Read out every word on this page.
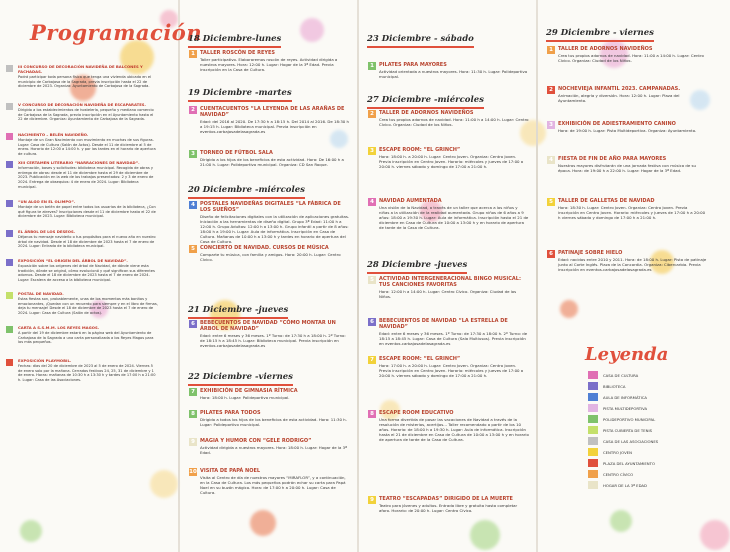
Programación
III CONCURSO DE DECORACIÓN NAVIDEÑA DE BALCONES Y FACHADAS.
Podrá participar toda persona física que tenga una vivienda ubicada en el municipio de Carbajosa de la Sagrada, previa inscripción hasta el 22 de diciembre de 2023. Organiza: Ayuntamiento de Carbajosa de la Sagrada.
V CONCURSO DE DECORACIÓN NAVIDEÑA DE ESCAPARATES.
Dirigido a los establecimientos de hostelería, pequeño y mediano comercio de Carbajosa de la Sagrada, previa inscripción en el Ayuntamiento hasta el 22 de diciembre. Organiza: Ayuntamiento de Carbajosa de la Sagrada.
NACIMIENTO – BELÉN NAVIDEÑO.
Montaje de un Gran Nacimiento con movimiento en muchas de sus figuras. Lugar: Casa de Cultura (Salón de Actos). Desde el 11 de diciembre al 5 de enero. Horario de 12:00 a 14:00 h. y por las tardes en el horario de apertura de cultura.
XIII CERTAMEN LITERARIO “NARRACIONES DE NAVIDAD”.
Información, bases y solicitudes: biblioteca municipal. Recogida de obras y entrega de obras: desde el 11 de diciembre hasta el 29 de diciembre de 2023. Publicación en la web de los trabajos presentados: 2 y 3 de enero de 2024. Entrega de obsequios: 4 de enero de 2024. Lugar: Biblioteca municipal.
“UN ALGO EN EL OLIMPO”.
Montaje de un belén de papel entre todos los usuarios de la biblioteca, ¿Con qué figura te atreves? Inscripciones desde el 11 de diciembre hasta el 22 de diciembre de 2023. Lugar: Biblioteca municipal.
EL ÁRBOL DE LOS DESEOS.
Déjanos tu mensaje navideño o tus propósitos para el nuevo año en nuestro árbol de navidad. Desde el 18 de diciembre de 2023 hasta el 7 de enero de 2024. Lugar: Entrada de la biblioteca municipal.
EXPOSICIÓN “EL ORIGEN DEL ÁRBOL DE NAVIDAD”.
Exposición sobre los orígenes del árbol de Navidad, de dónde viene esta tradición, dónde se originó, cómo evolucionó y qué significan sus diferentes adornos. Desde el 18 de diciembre de 2023 hasta el 7 de enero de 2024. Lugar: Escalera de acceso a la biblioteca municipal.
POSTAL DE NAVIDAD.
Estas fiestas son, probablemente, unas de los momentos más bonitos y emocionantes, ¡Quedan con un recuerdo para siempre y en el libro de firmas, deja tu mensaje! Desde el 18 de diciembre de 2023 hasta el 7 de enero de 2024. Lugar: Casa de Cultura (Salón de actos).
CARTA A S.S.M.M. LOS REYES MAGOS.
A partir del 19 de diciembre estará en la página web del Ayuntamiento de Carbajosa de la Sagrada a una carta personalizada a los Reyes Magos para los más pequeños.
EXPOSICIÓN PLAYMOBIL.
Fechas: días del 20 de diciembre de 2023 al 5 de enero de 2024. Viernes 5 de enero solo por la mañana. Cerrados festivos 24, 25, 31 de diciembre y 1 de enero. Horas: mañanas de 10:30 h a 13:30 h y tardes de 17:00 h a 21:00 h. Lugar: Casa de las Asociaciones.
18 Diciembre-lunes
1	TALLER ROSCÓN DE REYES
Taller participativo. Elaboraremos roscón de reyes. Actividad dirigida a nuestros mayores. Hora: 12:00 h. Lugar: Hogar de la 3ª Edad. Previa inscripción en la Casa de Cultura.
19 Diciembre -martes
2	CUENTACUENTOS “LA LEYENDA DE LAS ARAÑAS DE NAVIDAD”
Edad: del 2016 al 2020. De 17:30 h a 18:15 h. Del 2014 al 2016. De 18:30 h a 19:15 h. Lugar: Biblioteca municipal. Previa inscripción en eventos.carbajosadelasagrada.es
3	TORNEO DE FÚTBOL SALA
Dirigido a los hijos de los beneficios de esta actividad. Hora: De 16:00 h a 21:00 h. Lugar: Polideportivo municipal. Organiza: CD San Roque.
20 Diciembre -miércoles
4	POSTALES NAVIDEÑAS DIGITALES “LA FÁBRICA DE LOS SUEÑOS”
Diseño de felicitaciones digitales con la utilización de aplicaciones gratuitas. Iniciación a las herramientas de diseño digital. Grupo 3ª Edad: 11:00 h a 12:00 h. Grupo Adultos: 12:00 h a 13:00 h. Grupo infantil a partir de 8 años: 18:00 h a 19:00 h. Lugar: Aula de informática. Inscripción en Casa de Cultura. Mañanas de 10:00 h a 13:00 h y tardes en horario de apertura del Casa de Cultura.
5	CONCIERTO DE NAVIDAD. CURSOS DE MÚSICA
Comparte tu música, con familia y amigos. Hora: 20:00 h. Lugar: Centro Cívico.
21 Diciembre -jueves
6	BEBECUENTOS DE NAVIDAD “CÓMO MONTAR UN ÁRBOL DE NAVIDAD”
Edad: entre 6 meses y 36 meses. 1º Turno: de 17:30 h a 18:00 h. 2º Turno: de 18:15 h a 18:45 h. Lugar: Biblioteca municipal. Previa inscripción en eventos.carbajosadelasagrada.es
22 Diciembre -viernes
7	EXHIBICIÓN DE GIMNASIA RÍTMICA
Hora: 18:00 h. Lugar: Polideportivo municipal.
8	PILATES PARA TODOS
Dirigido a todos los hijos de los beneficios de esta actividad. Hora: 11:30 h. Lugar: Polideportivo municipal.
9	MAGIA Y HUMOR CON “GELE RODRIGO”
Actividad dirigida a nuestros mayores. Hora: 18:00 h. Lugar: Hogar de la 3ª Edad.
10 VISITA DE PAPÁ NOEL
Visita al Centro de día de nuestros mayores “MIRAFLOR”, y a continuación, en la Casa de Cultura. Los más pequeños podrán echar su carta para Papá Noel en su buzón mágico. Hora: de 17:00 h a 20:00 h. Lugar: Casa de Cultura.
23 Diciembre - sábado
1	PILATES PARA MAYORES
Actividad orientada a nuestros mayores. Hora: 11:30 h. Lugar: Polideportivo municipal.
27 Diciembre -miércoles
2	TALLER DE ADORNOS NAVIDEÑOS
Crea tus propios adornos de navidad. Hora: 11:00 h a 14:00 h. Lugar: Centro Cívico. Organiza: Ciudad de los Niños.
3	ESCAPE ROOM: “EL GRINCH”
Hora: 18:00 h. a 20:00 h. Lugar: Centro Joven. Organiza: Centro Joven. Previa inscripción en Centro Joven. Horario: miércoles y jueves de 17:00 a 20:00 h. viernes sábado y domingo de 17:00 a 21:00 h.
4	NAVIDAD AUMENTADA
Una visión de la Navidad, a través de un taller que acerca a los niños y niñas a la utilización de la realidad aumentada. Grupo niños de 6 años a 9 años: 18:00 a 19:30 h. Lugar: Aula de informática. Inscripción hasta el 21 de diciembre en Casa de Cultura de 10:00 a 13:00 h y en horario de apertura de tarde de la Casa de Cultura.
28 Diciembre -jueves
5	ACTIVIDAD INTERGENERACIONAL BINGO MUSICAL: TUS CANCIONES FAVORITAS
Hora: 12:00 h a 14:00 h. Lugar: Centro Cívico. Organiza: Ciudad de los Niños.
6	BEBECUENTOS DE NAVIDAD “LA ESTRELLA DE NAVIDAD”
Edad: entre 6 meses y 36 meses. 1º Turno: de 17:30 a 18:00 h. 2º Turno: de 18:15 a 18:45 h. Lugar: Casa de Cultura (Sala Multiusos). Previa inscripción en eventos.carbajosadelasagrada.es
7	ESCAPE ROOM: “EL GRINCH”
Hora: 17:00 h. a 20:00 h. Lugar: Centro Joven. Organiza: Centro Joven. Previa inscripción en Centro Joven. Horario: miércoles y jueves de 17:00 a 20:00 h. viernes sábado y domingo de 17:00 a 21:00 h.
8	ESCAPE ROOM EDUCATIVO
Una forma divertida de pasar las vacaciones de Navidad a través de la resolución de misterios, acertijos... Taller recomendado a partir de los 10 años. Horario: de 18:00 h a 19:30 h. Lugar: Aula de informática. Inscripción hasta el 21 de diciembre en Casa de Cultura de 10:00 a 13:00 h y en horario de apertura de tarde de la Casa de Cultura.
9	TEATRO “ESCAPADAS” DIRIGIDO DE LA MUERTE
Teatro para jóvenes y adultos. Entrada libre y gratuita hasta completar aforo. Horario: de 20:00 h. Lugar: Centro Cívico.
29 Diciembre - viernes
1	TALLER DE ADORNOS NAVIDEÑOS
Crea tus propios adornos de navidad. Hora: 11:00 a 14:00 h. Lugar: Centro Cívico. Organiza: Ciudad de los Niños.
2	NOCHEVIEJA INFANTIL 2023. CAMPANADAS.
Animación, alegría y diversión. Hora: 12:00 h. Lugar: Plaza del Ayuntamiento.
3	EXHIBICIÓN DE ADIESTRAMIENTO CANINO
Hora: de 19:00 h. Lugar: Pista Multideportiva. Organiza: Ayuntamiento.
4	FIESTA DE FIN DE AÑO PARA MAYORES
Nuestros mayores disfrutarán de una jornada festiva con música de su época. Hora: de 19:00 h a 22:00 h. Lugar: Hogar de la 3ª Edad.
5	TALLER DE GALLETAS DE NAVIDAD
Hora: 18:30 h. Lugar: Centro Joven. Organiza: Centro Joven. Previa inscripción en Centro Joven. Horario: miércoles y jueves de 17:00 h a 20:00 h viernes sábado y domingo de 17:00 h a 21:00 h.
6	PATINAJE SOBRE HIELO
Edad: nacidos entre 2010 y 2011. Hora: de 18:00 h. Lugar: Pista de patinaje junto al Corte Inglés. Plaza de la Concordia. Organiza: Cibercarbia. Previa inscripción en eventos.carbajosadelasagrada.es
Leyenda
CASA DE CULTURA
BIBLIOTECA
AULA DE INFORMÁTICA
PISTA MULTIDEPORTIVA
POLIDEPORTIVO MUNICIPAL
PISTA CUBIERTA DE TENIS
CASA DE LAS ASOCIACIONES
CENTRO JOVEN
PLAZA DEL AYUNTAMIENTO
CENTRO CÍVICO
HOGAR DE LA 3ª EDAD
